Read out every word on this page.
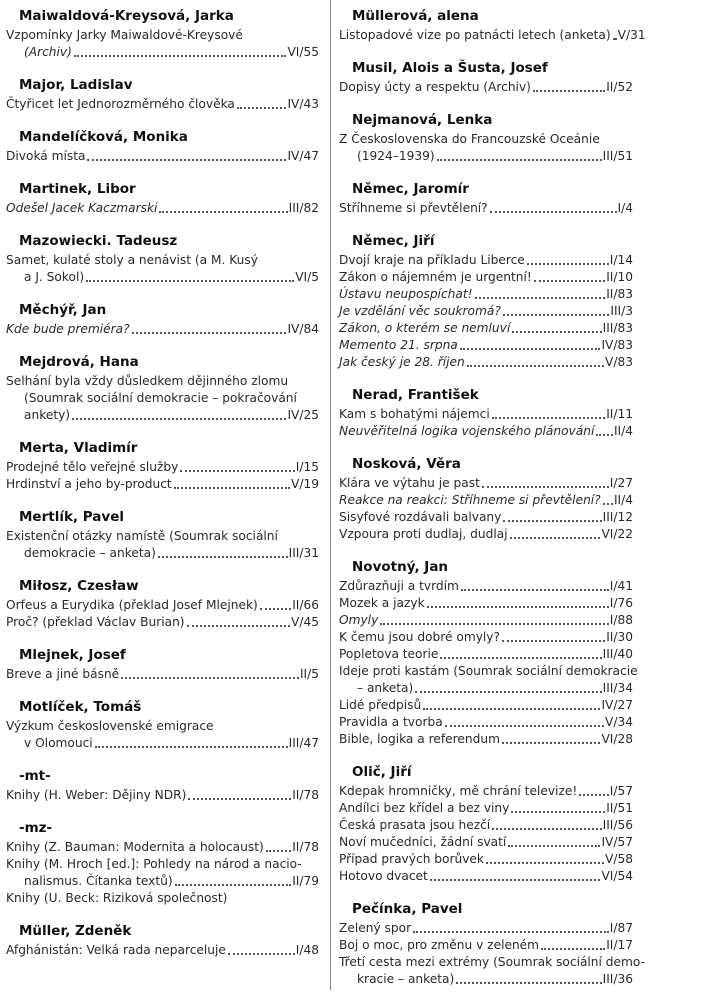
Maiwaldová-Kreysová, Jarka
Vzpomínky Jarky Maiwaldové-Kreysové
(Archiv)	VI/55
Major, Ladislav
Čtyřicet let Jednorozměrného člověka	IV/43
Mandelíčková, Monika
Divoká místa	IV/47
Martinek, Libor
Odešel Jacek Kaczmarski	III/82
Mazowiecki. Tadeusz
Samet, kulaté stoly a nenávist (a M. Kusý
a J. Sokol)	VI/5
Měchýř, Jan
Kde bude premiéra?	IV/84
Mejdrová, Hana
Selhání byla vždy důsledkem dějinného zlomu
(Soumrak sociální demokracie – pokračování
ankety)	IV/25
Merta, Vladimír
Prodejné tělo veřejné služby	I/15
Hrdinství a jeho by-product	V/19
Mertlík, Pavel
Existenční otázky namístě (Soumrak sociální
demokracie – anketa)	III/31
Miłosz, Czesław
Orfeus a Eurydika (překlad Josef Mlejnek)	II/66
Proč? (překlad Václav Burian)	V/45
Mlejnek, Josef
Breve a jiné básně	II/5
Motlíček, Tomáš
Výzkum československé emigrace
v Olomouci	III/47
-mt-
Knihy (H. Weber: Dějiny NDR)	II/78
-mz-
Knihy (Z. Bauman: Modernita a holocaust) II/78
Knihy (M. Hroch [ed.]: Pohledy na národ a nacio-
nalismus. Čítanka textů)	II/79
Knihy (U. Beck: Riziková společnost)
Müller, Zdeněk
Afghánistán: Velká rada neparceluje	I/48
Müllerová, alena
Listopadové vize po patnácti letech (anketa) V/31
Musil, Alois a Šusta, Josef
Dopisy úcty a respektu (Archiv)	II/52
Nejmanová, Lenka
Z Československa do Francouzské Oceánie
(1924–1939)	III/51
Němec, Jaromír
Stříhneme si převtělení?	I/4
Němec, Jiří
Dvojí kraje na příkladu Liberce	I/14
Zákon o nájemném je urgentní!	II/10
Ústavu neupospíchat!	II/83
Je vzdělání věc soukromá?	III/3
Zákon, o kterém se nemluví	III/83
Memento 21. srpna	IV/83
Jak český je 28. říjen	V/83
Nerad, František
Kam s bohatými nájemci	II/11
Neuvěřitelná logika vojenského plánování II/4
Nosková, Věra
Klára ve výtahu je past	I/27
Reakce na reakci: Stříhneme si převtělení? II/4
Sisyfové rozdávali balvany	III/12
Vzpoura proti dudlaj, dudlaj	VI/22
Novotný, Jan
Zdůrazňuji a tvrdím	I/41
Mozek a jazyk	I/76
Omyly	I/88
K čemu jsou dobré omyly?	II/30
Popletova teorie	III/40
Ideje proti kastám (Soumrak sociální demokracie
– anketa)	III/34
Lidé předpisů	IV/27
Pravidla a tvorba	V/34
Bible, logika a referendum	VI/28
Olič, Jiří
Kdepak hromničky, mě chrání televize!	I/57
Andílci bez křídel a bez viny	II/51
Česká prasata jsou hezčí	III/56
Noví mučedníci, žádní svatí	IV/57
Případ pravých borůvek	V/58
Hotovo dvacet	VI/54
Pečínka, Pavel
Zelený spor	I/87
Boj o moc, pro změnu v zeleném	II/17
Třetí cesta mezi extrémy (Soumrak sociální demo-
kracie – anketa)	III/36
